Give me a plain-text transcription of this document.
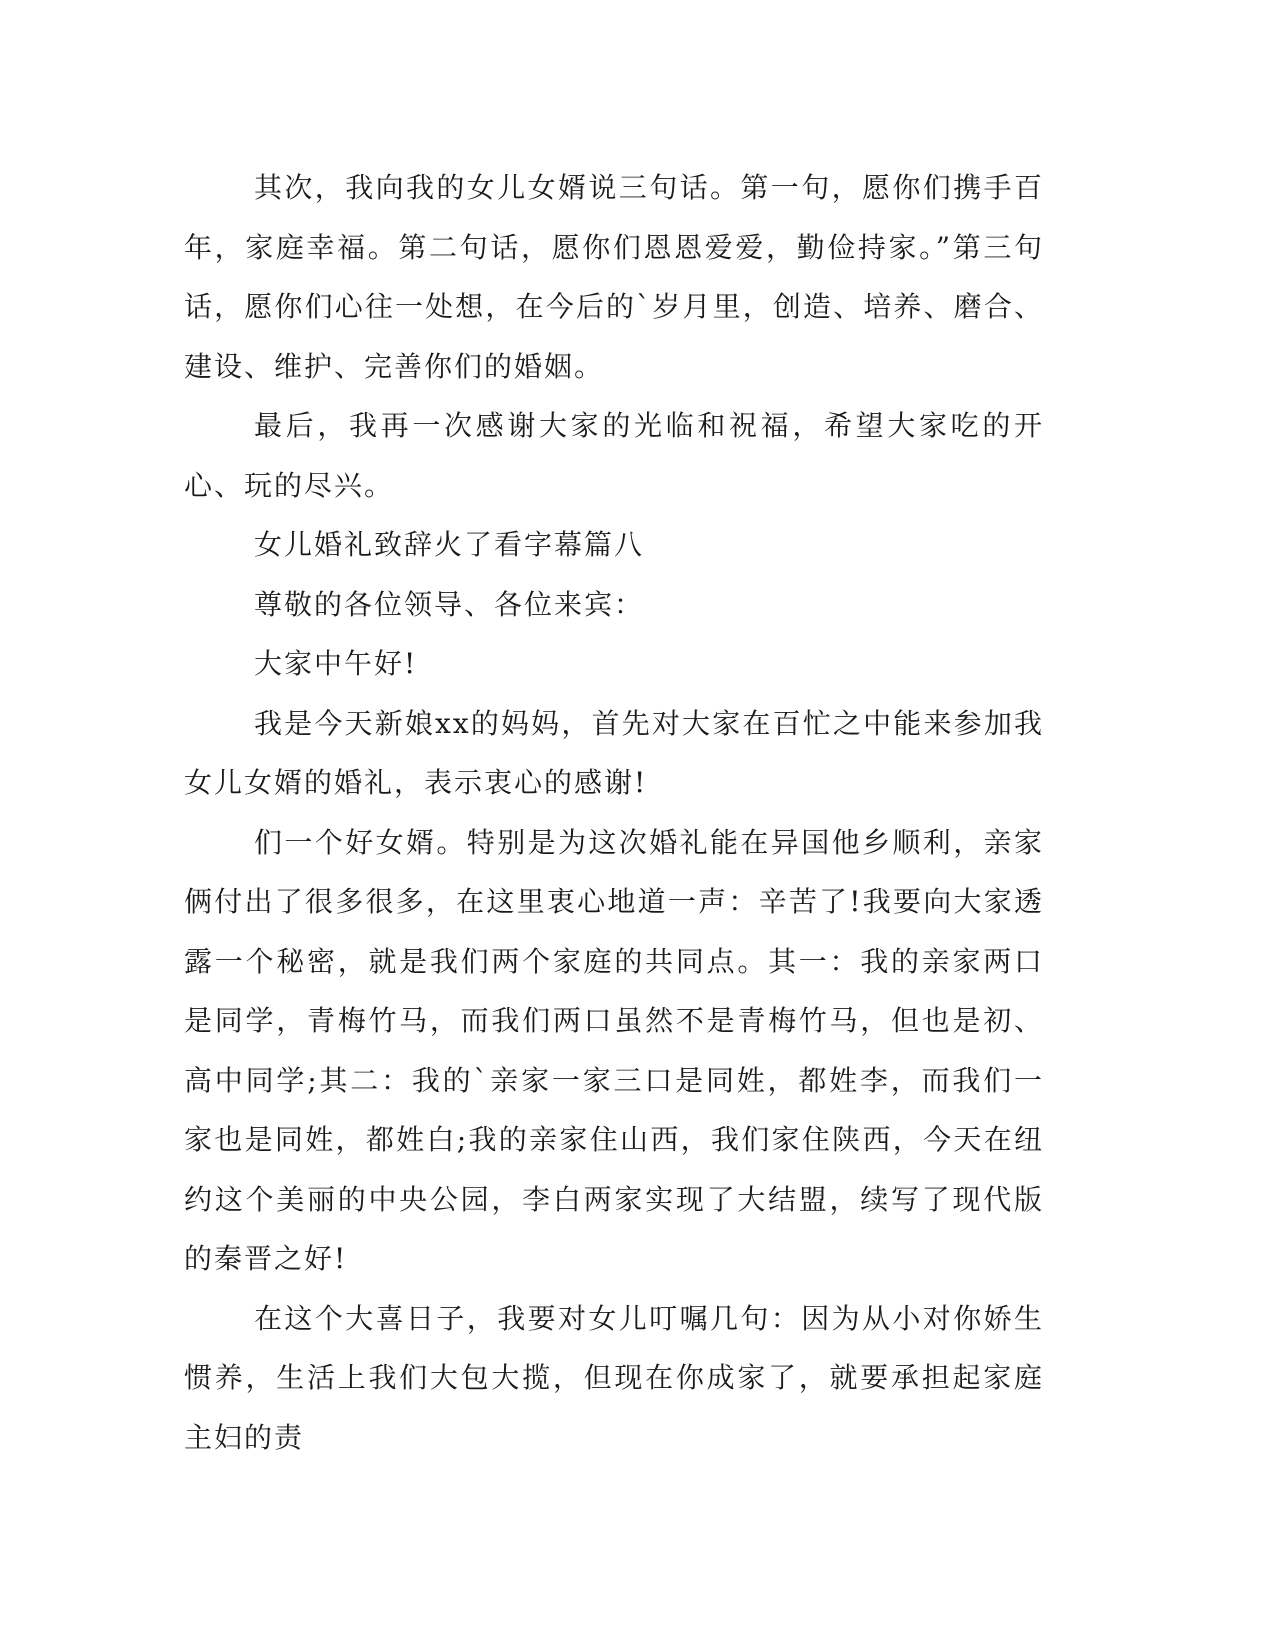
其次，我向我的女儿女婿说三句话。第一句，愿你们携手百年，家庭幸福。第二句话，愿你们恩恩爱爱，勤俭持家。”第三句话，愿你们心往一处想，在今后的`岁月里，创造、培养、磨合、建设、维护、完善你们的婚姻。

最后，我再一次感谢大家的光临和祝福，希望大家吃的开心、玩的尽兴。

女儿婚礼致辞火了看字幕篇八

尊敬的各位领导、各位来宾：

大家中午好!

我是今天新娘xx的妈妈，首先对大家在百忙之中能来参加我女儿女婿的婚礼，表示衷心的感谢!

们一个好女婿。特别是为这次婚礼能在异国他乡顺利，亲家俩付出了很多很多，在这里衷心地道一声：辛苦了!我要向大家透露一个秘密，就是我们两个家庭的共同点。其一：我的亲家两口是同学，青梅竹马，而我们两口虽然不是青梅竹马，但也是初、高中同学;其二：我的`亲家一家三口是同姓，都姓李，而我们一家也是同姓，都姓白;我的亲家住山西，我们家住陕西，今天在纽约这个美丽的中央公园，李白两家实现了大结盟，续写了现代版的秦晋之好!

在这个大喜日子，我要对女儿叮嘱几句：因为从小对你娇生惯养，生活上我们大包大揽，但现在你成家了，就要承担起家庭主妇的责
